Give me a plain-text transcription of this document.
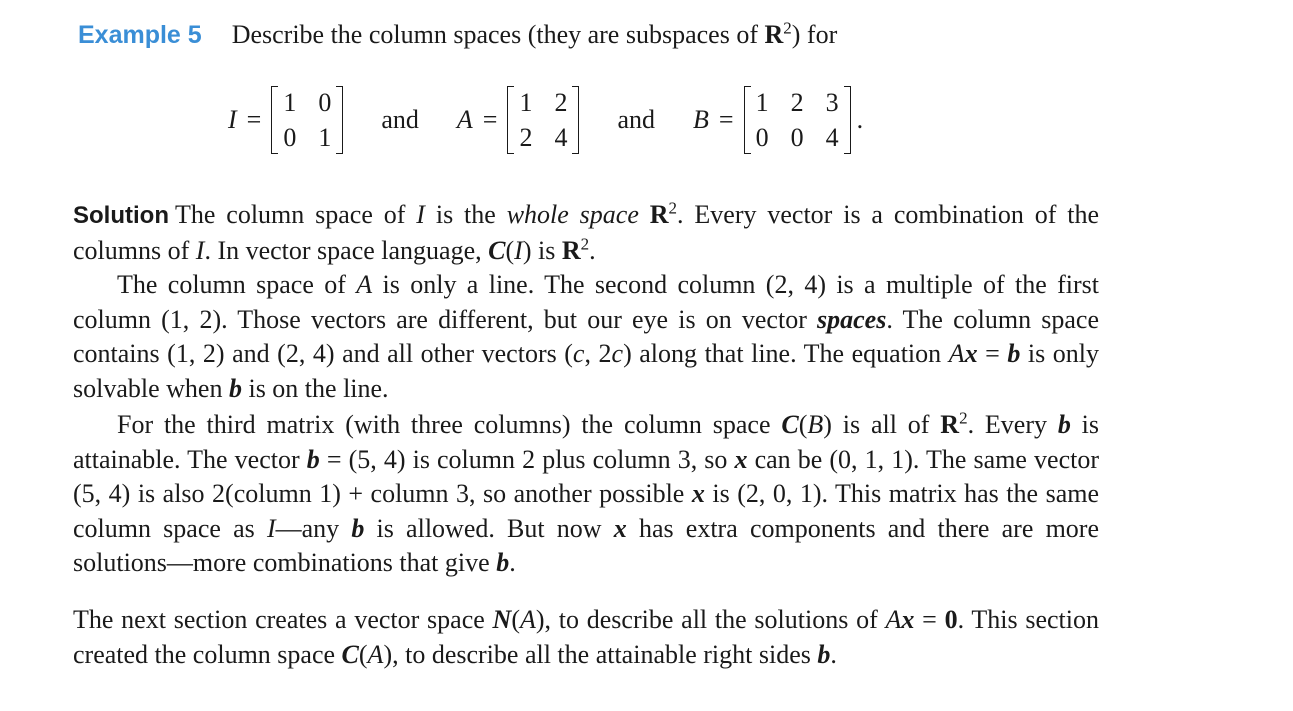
Example 5 Describe the column spaces (they are subspaces of $R^2$) for
I =
1 0
0 1
and A =
1 2
2 4
and B =
1 2 3
0 0 4
.
Solution The column space of I is the whole space $R^2$. Every vector is a combination of the columns of I. In vector space language, C(I) is $R^2$.
The column space of A is only a line. The second column (2, 4) is a multiple of the first column (1, 2). Those vectors are different, but our eye is on vector spaces. The column space contains (1, 2) and (2, 4) and all other vectors (c, 2c) along that line. The equation Ax = b is only solvable when b is on the line.
For the third matrix (with three columns) the column space C(B) is all of $R^2$. Every b is attainable. The vector b = (5, 4) is column 2 plus column 3, so x can be (0, 1, 1). The same vector (5, 4) is also 2(column 1) + column 3, so another possible x is (2, 0, 1). This matrix has the same column space as I—any b is allowed. But now x has extra components and there are more solutions—more combinations that give b.
The next section creates a vector space N(A), to describe all the solutions of Ax = 0. This section created the column space C(A), to describe all the attainable right sides b.
